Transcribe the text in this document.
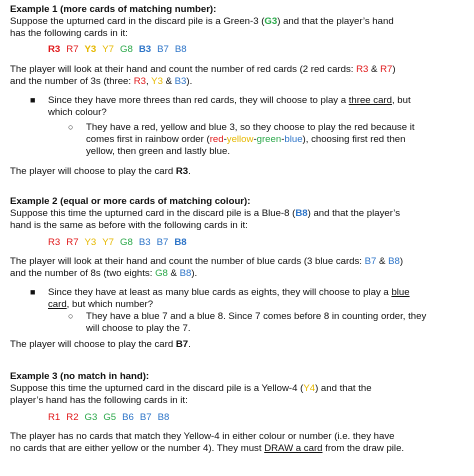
Example 1 (more cards of matching number):
Suppose the upturned card in the discard pile is a Green-3 (G3) and that the player’s hand
has the following cards in it:
R3 R7 Y3 Y7 G8 B3 B7 B8
The player will look at their hand and count the number of red cards (2 red cards: R3 & R7)
and the number of 3s (three: R3, Y3 & B3).
■ Since they have more threes than red cards, they will choose to play a three card, but
which colour?
○ They have a red, yellow and blue 3, so they choose to play the red because it
comes first in rainbow order (red-yellow-green-blue), choosing first red then
yellow, then green and lastly blue.
The player will choose to play the card R3.
Example 2 (equal or more cards of matching colour):
Suppose this time the upturned card in the discard pile is a Blue-8 (B8) and that the player’s
hand is the same as before with the following cards in it:
R3 R7 Y3 Y7 G8 B3 B7 B8
The player will look at their hand and count the number of blue cards (3 blue cards: B7 & B8)
and the number of 8s (two eights: G8 & B8).
■ Since they have at least as many blue cards as eights, they will choose to play a blue
card, but which number?
○ They have a blue 7 and a blue 8. Since 7 comes before 8 in counting order, they
will choose to play the 7.
The player will choose to play the card B7.
Example 3 (no match in hand):
Suppose this time the upturned card in the discard pile is a Yellow-4 (Y4) and that the
player’s hand has the following cards in it:
R1 R2 G3 G5 B6 B7 B8
The player has no cards that match they Yellow-4 in either colour or number (i.e. they have
no cards that are either yellow or the number 4). They must DRAW a card from the draw pile.
